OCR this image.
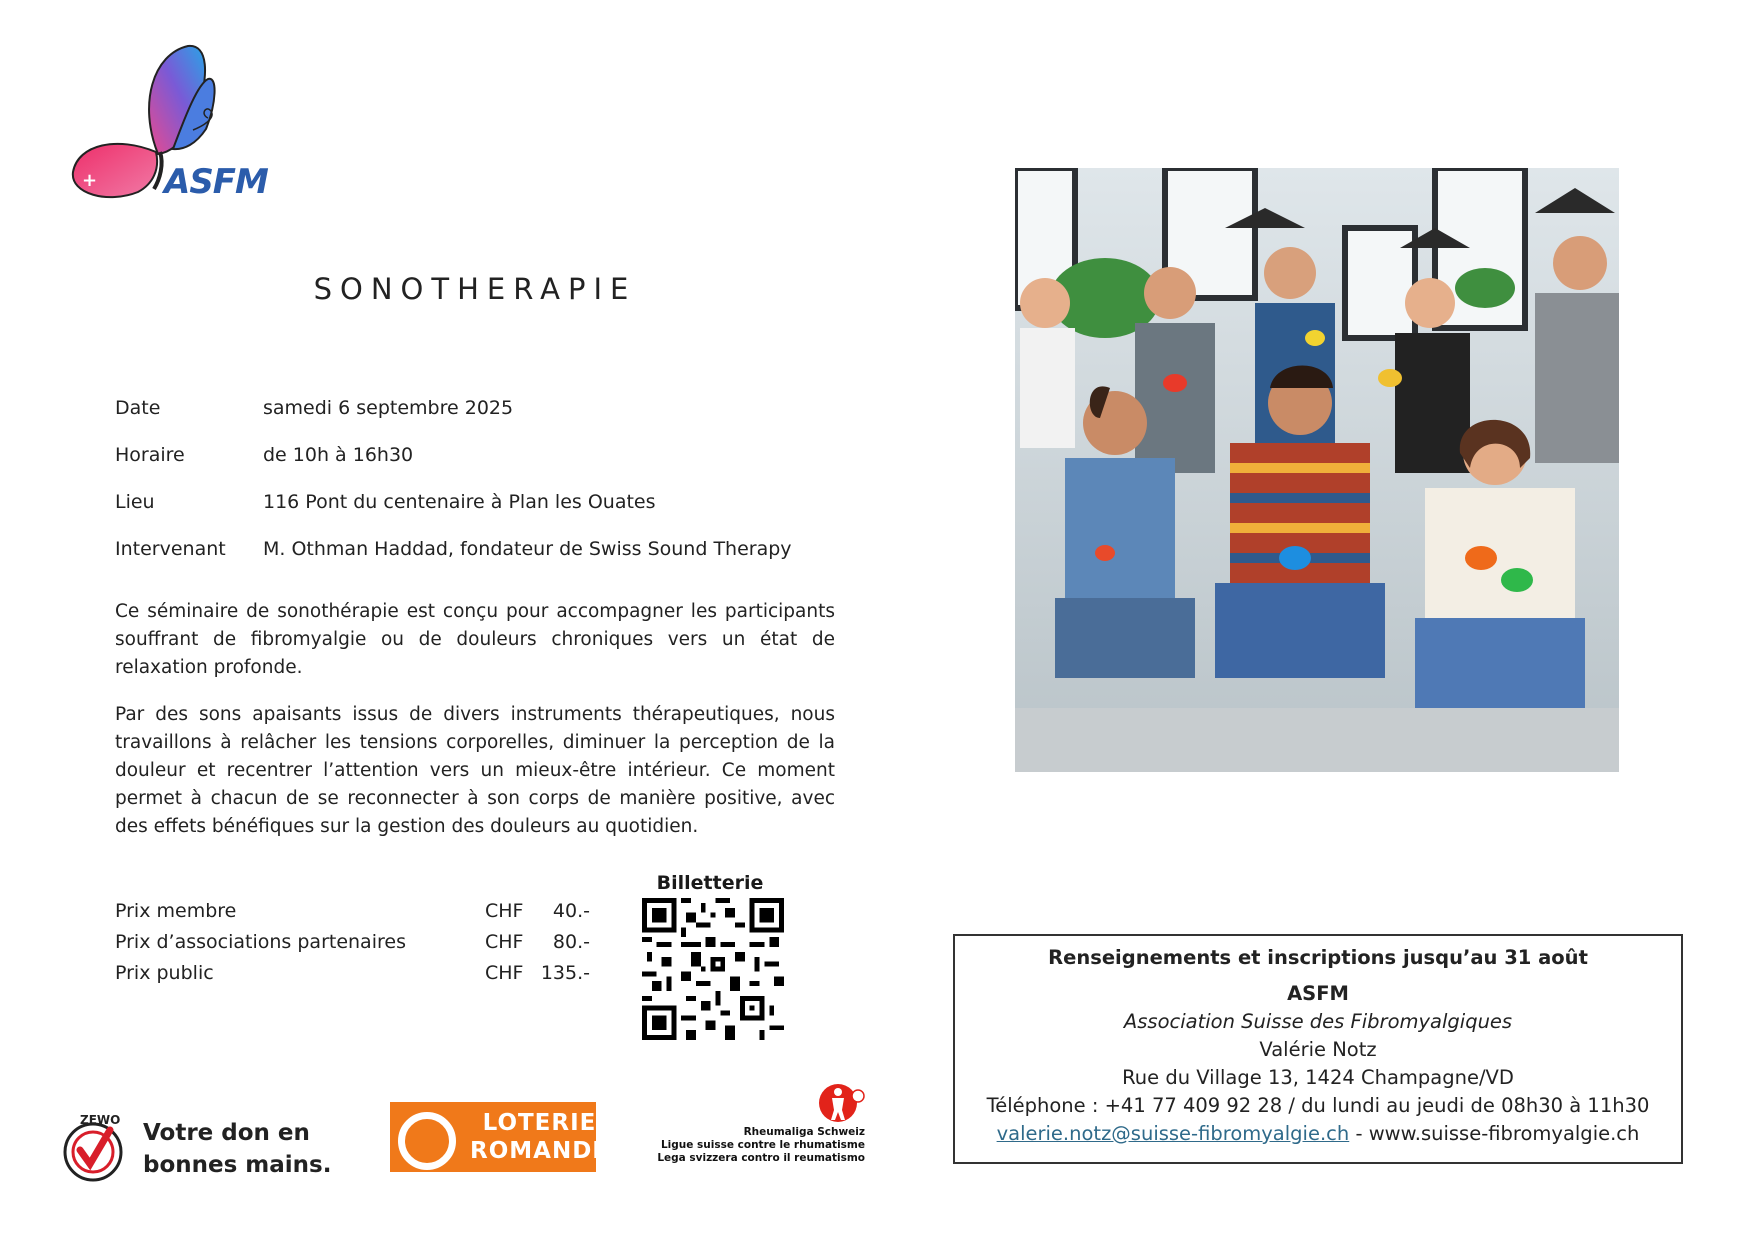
+ ASFM
SONOTHERAPIE
Date	samedi 6 septembre 2025
Horaire	de 10h à 16h30
Lieu	116 Pont du centenaire à Plan les Ouates
Intervenant M. Othman Haddad, fondateur de Swiss Sound Therapy

Ce séminaire de sonothérapie est conçu pour accompagner les participants souffrant de fibromyalgie ou de douleurs chroniques vers un état de relaxation profonde.

Par des sons apaisants issus de divers instruments thérapeutiques, nous travaillons à relâcher les tensions corporelles, diminuer la perception de la douleur et recentrer l’attention vers un mieux-être intérieur. Ce moment permet à chacun de se reconnecter à son corps de manière positive, avec des effets bénéfiques sur la gestion des douleurs au quotidien.

Prix membre	CHF	40.-
Prix d’associations partenaires	CHF	80.-
Prix public	CHF 135.-
Billetterie
Renseignements et inscriptions jusqu’au 31 août
ASFM
Association Suisse des Fibromyalgiques
Valérie Notz
Rue du Village 13, 1424 Champagne/VD
Téléphone : +41 77 409 92 28 / du lundi au jeudi de 08h30 à 11h30
valerie.notz@suisse-fibromyalgie.ch - www.suisse-fibromyalgie.ch
ZEWO Votre don en
bonnes mains.
LOTERIE
ROMANDE
Rheumaliga Schweiz
Ligue suisse contre le rhumatisme
Lega svizzera contro il reumatismo
